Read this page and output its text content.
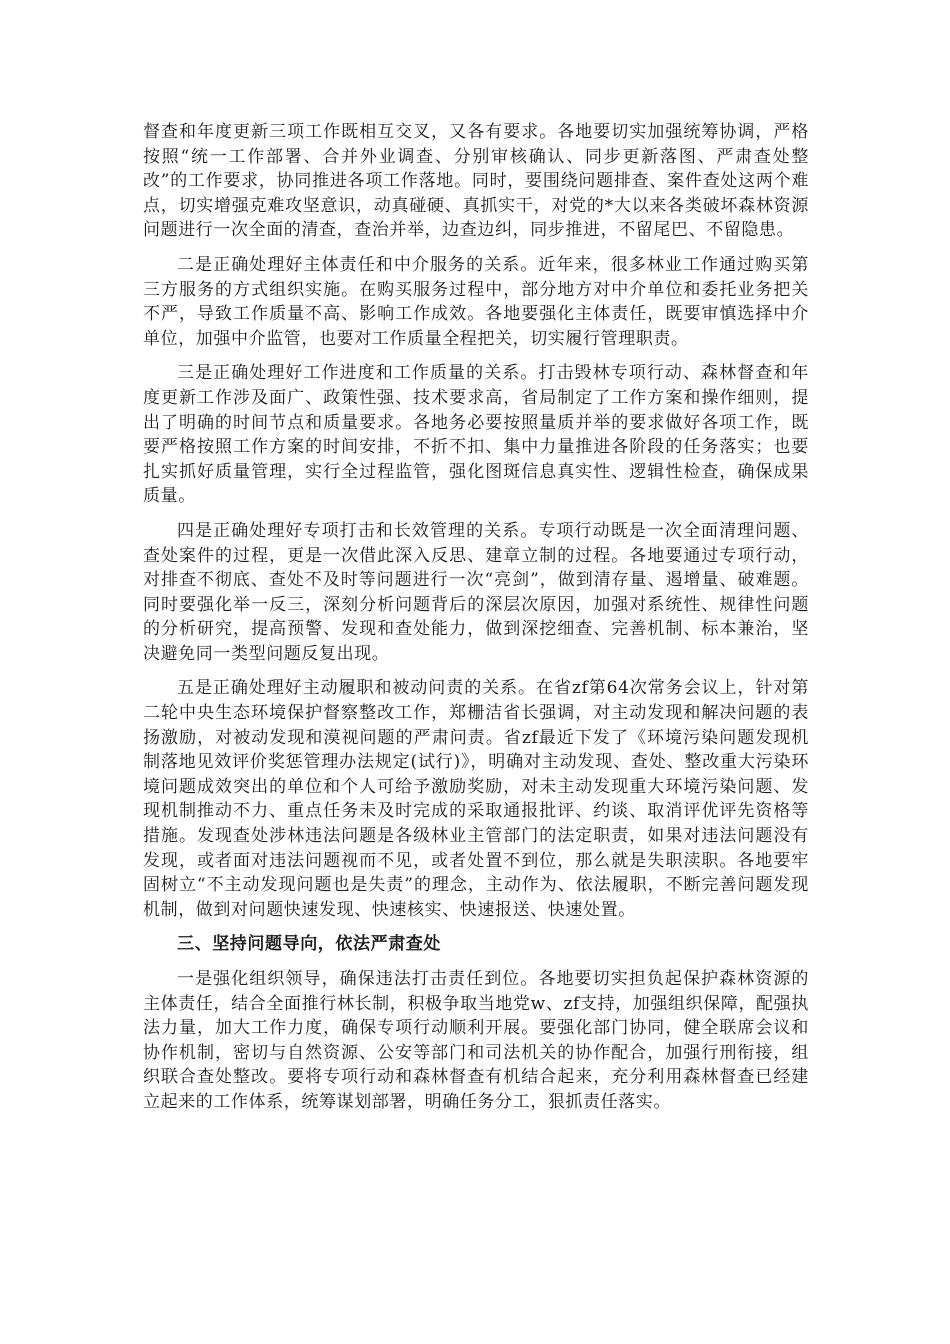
督查和年度更新三项工作既相互交叉，又各有要求。各地要切实加强统筹协调，严格按照“统一工作部署、合并外业调查、分别审核确认、同步更新落图、严肃查处整改”的工作要求，协同推进各项工作落地。同时，要围绕问题排查、案件查处这两个难点，切实增强克难攻坚意识，动真碰硬、真抓实干，对党的*大以来各类破坏森林资源问题进行一次全面的清查，查治并举，边查边纠，同步推进，不留尾巴、不留隐患。

二是正确处理好主体责任和中介服务的关系。近年来，很多林业工作通过购买第三方服务的方式组织实施。在购买服务过程中，部分地方对中介单位和委托业务把关不严，导致工作质量不高、影响工作成效。各地要强化主体责任，既要审慎选择中介单位，加强中介监管，也要对工作质量全程把关，切实履行管理职责。

三是正确处理好工作进度和工作质量的关系。打击毁林专项行动、森林督查和年度更新工作涉及面广、政策性强、技术要求高，省局制定了工作方案和操作细则，提出了明确的时间节点和质量要求。各地务必要按照量质并举的要求做好各项工作，既要严格按照工作方案的时间安排，不折不扣、集中力量推进各阶段的任务落实；也要扎实抓好质量管理，实行全过程监管，强化图斑信息真实性、逻辑性检查，确保成果质量。

四是正确处理好专项打击和长效管理的关系。专项行动既是一次全面清理问题、查处案件的过程，更是一次借此深入反思、建章立制的过程。各地要通过专项行动，对排查不彻底、查处不及时等问题进行一次“亮剑”，做到清存量、遏增量、破难题。同时要强化举一反三，深刻分析问题背后的深层次原因，加强对系统性、规律性问题的分析研究，提高预警、发现和查处能力，做到深挖细查、完善机制、标本兼治，坚决避免同一类型问题反复出现。

五是正确处理好主动履职和被动问责的关系。在省zf第64次常务会议上，针对第二轮中央生态环境保护督察整改工作，郑栅洁省长强调，对主动发现和解决问题的表扬激励，对被动发现和漠视问题的严肃问责。省zf最近下发了《环境污染问题发现机制落地见效评价奖惩管理办法规定(试行)》，明确对主动发现、查处、整改重大污染环境问题成效突出的单位和个人可给予激励奖励，对未主动发现重大环境污染问题、发现机制推动不力、重点任务未及时完成的采取通报批评、约谈、取消评优评先资格等措施。发现查处涉林违法问题是各级林业主管部门的法定职责，如果对违法问题没有发现，或者面对违法问题视而不见，或者处置不到位，那么就是失职渎职。各地要牢固树立“不主动发现问题也是失责”的理念，主动作为、依法履职，不断完善问题发现机制，做到对问题快速发现、快速核实、快速报送、快速处置。

三、坚持问题导向，依法严肃查处

一是强化组织领导，确保违法打击责任到位。各地要切实担负起保护森林资源的主体责任，结合全面推行林长制，积极争取当地党w、zf支持，加强组织保障，配强执法力量，加大工作力度，确保专项行动顺利开展。要强化部门协同，健全联席会议和协作机制，密切与自然资源、公安等部门和司法机关的协作配合，加强行刑衔接，组织联合查处整改。要将专项行动和森林督查有机结合起来，充分利用森林督查已经建立起来的工作体系，统筹谋划部署，明确任务分工，狠抓责任落实。
